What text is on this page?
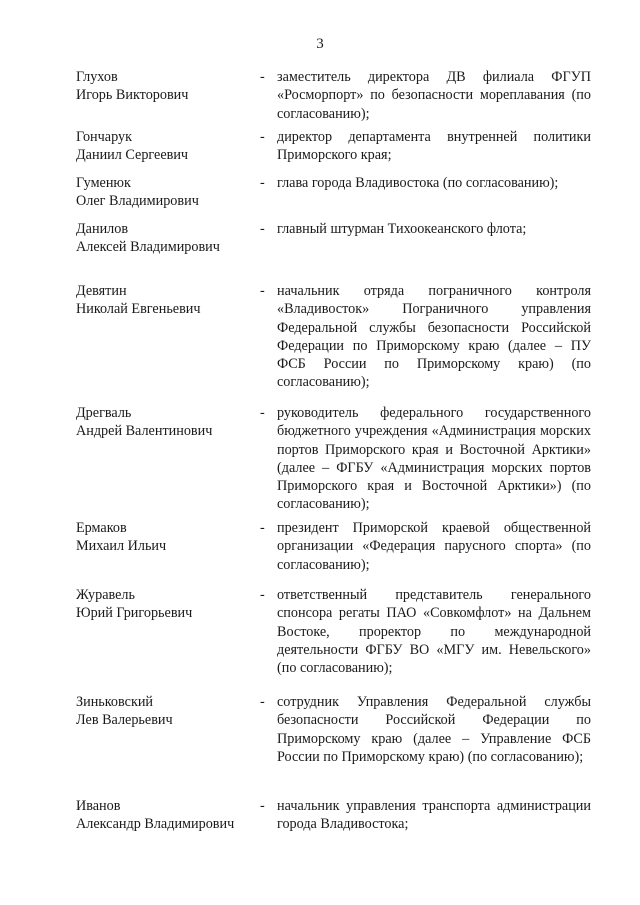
3
Глухов
Игорь Викторович
- заместитель директора ДВ филиала ФГУП «Росморпорт» по безопасности мореплавания (по согласованию);
Гончарук
Даниил Сергеевич
- директор департамента внутренней политики Приморского края;
Гуменюк
Олег Владимирович
- глава города Владивостока (по согласованию);
Данилов
Алексей Владимирович
- главный штурман Тихоокеанского флота;
Девятин
Николай Евгеньевич
- начальник отряда пограничного контроля «Владивосток» Пограничного управления Федеральной службы безопасности Российской Федерации по Приморскому краю (далее – ПУ ФСБ России по Приморскому краю) (по согласованию);
Дрегваль
Андрей Валентинович
- руководитель федерального государственного бюджетного учреждения «Администрация морских портов Приморского края и Восточной Арктики» (далее – ФГБУ «Администрация морских портов Приморского края и Восточной Арктики») (по согласованию);
Ермаков
Михаил Ильич
- президент Приморской краевой общественной организации «Федерация парусного спорта» (по согласованию);
Журавель
Юрий Григорьевич
- ответственный представитель генерального спонсора регаты ПАО «Совкомфлот» на Дальнем Востоке, проректор по международной деятельности ФГБУ ВО «МГУ им. Невельского» (по согласованию);
Зиньковский
Лев Валерьевич
- сотрудник Управления Федеральной службы безопасности Российской Федерации по Приморскому краю (далее – Управление ФСБ России по Приморскому краю) (по согласованию);
Иванов
Александр Владимирович
- начальник управления транспорта администрации города Владивостока;
